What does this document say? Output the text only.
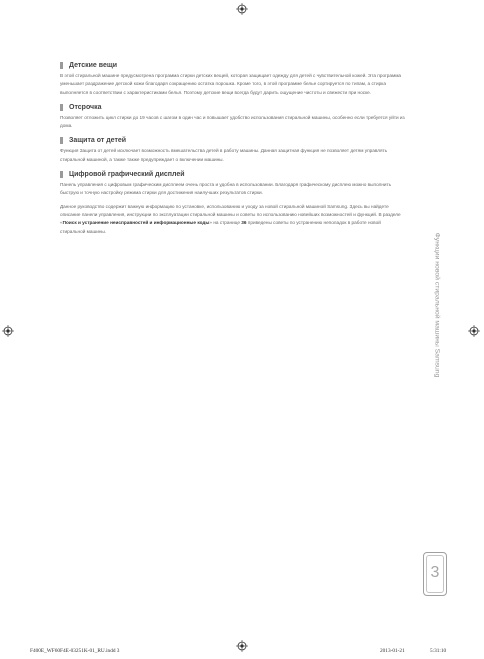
Детские вещи

В этой стиральной машине предусмотрена программа стирки детских вещей, которая защищает одежду для детей с чувствительной кожей. Эта программа уменьшает раздражение детской кожи благодаря сокращению остатка порошка. Кроме того, в этой программе белье сортируется по типам, а стирка выполняется в соответствии с характеристиками белья. Поэтому детские вещи всегда будут дарить ощущение чистоты и свежести при носке.

Отсрочка

Позволяет отложить цикл стирки до 19 часов с шагом в один час и повышает удобство использования стиральной машины, особенно если требуется уйти из дома.

Защита от детей

Функция Защита от детей исключает возможность вмешательства детей в работу машины. Данная защитная функция не позволяет детям управлять стиральной машиной, а также также предупреждает о включении машины.

Цифровой графический дисплей

Панель управления с цифровым графическим дисплеем очень проста и удобна в использовании. Благодаря графическому дисплею можно выполнить быструю и точную настройку режима стирки для достижения наилучших результатов стирки.

Данное руководство содержит важную информацию по установке, использованию и уходу за новой стиральной машиной Samsung. Здесь вы найдете описание панели управления, инструкции по эксплуатации стиральной машины и советы по использованию новейших возможностей и функций. В разделе «Поиск и устранение неисправностей и информационные коды» на странице 36 приведены советы по устранению неполадок в работе новой стиральной машины.

Функции новой стиральной машины Samsung
3
F400E_WF60F4E-03251K-01_RU.indd 3	2013-01-21	5:31:10
